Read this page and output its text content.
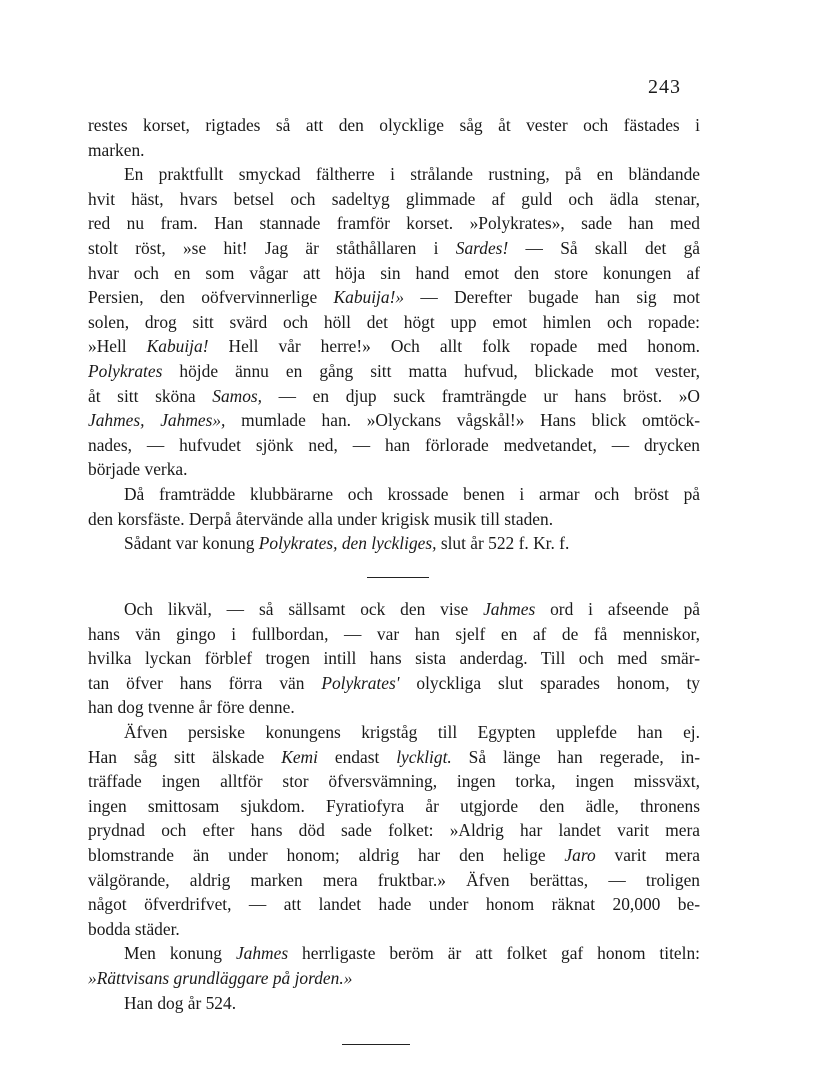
243
restes korset, rigtades så att den olycklige såg åt vester och fästades i
marken.
En praktfullt smyckad fältherre i strålande rustning, på en bländande
hvit häst, hvars betsel och sadeltyg glimmade af guld och ädla stenar,
red nu fram. Han stannade framför korset. »Polykrates», sade han med
stolt röst, »se hit! Jag är ståthållaren i Sardes! — Så skall det gå
hvar och en som vågar att höja sin hand emot den store konungen af
Persien, den oöfvervinnerlige Kabuija!» — Derefter bugade han sig mot
solen, drog sitt svärd och höll det högt upp emot himlen och ropade:
»Hell Kabuija! Hell vår herre!» Och allt folk ropade med honom.
Polykrates höjde ännu en gång sitt matta hufvud, blickade mot vester,
åt sitt sköna Samos, — en djup suck framträngde ur hans bröst. »O
Jahmes, Jahmes», mumlade han. »Olyckans vågskål!» Hans blick omtöck-
nades, — hufvudet sjönk ned, — han förlorade medvetandet, — drycken
började verka.
Då framträdde klubbärarne och krossade benen i armar och bröst på
den korsfäste. Derpå återvände alla under krigisk musik till staden.
Sådant var konung Polykrates, den lyckliges, slut år 522 f. Kr. f.
Och likväl, — så sällsamt ock den vise Jahmes ord i afseende på
hans vän gingo i fullbordan, — var han sjelf en af de få menniskor,
hvilka lyckan förblef trogen intill hans sista anderdag. Till och med smär-
tan öfver hans förra vän Polykrates' olyckliga slut sparades honom, ty
han dog tvenne år före denne.
Äfven persiske konungens krigståg till Egypten upplefde han ej.
Han såg sitt älskade Kemi endast lyckligt. Så länge han regerade, in-
träffade ingen alltför stor öfversvämning, ingen torka, ingen missväxt,
ingen smittosam sjukdom. Fyratiofyra år utgjorde den ädle, thronens
prydnad och efter hans död sade folket: »Aldrig har landet varit mera
blomstrande än under honom; aldrig har den helige Jaro varit mera
välgörande, aldrig marken mera fruktbar.» Äfven berättas, — troligen
något öfverdrifvet, — att landet hade under honom räknat 20,000 be-
bodda städer.
Men konung Jahmes herrligaste beröm är att folket gaf honom titeln:
»Rättvisans grundläggare på jorden.»
Han dog år 524.
